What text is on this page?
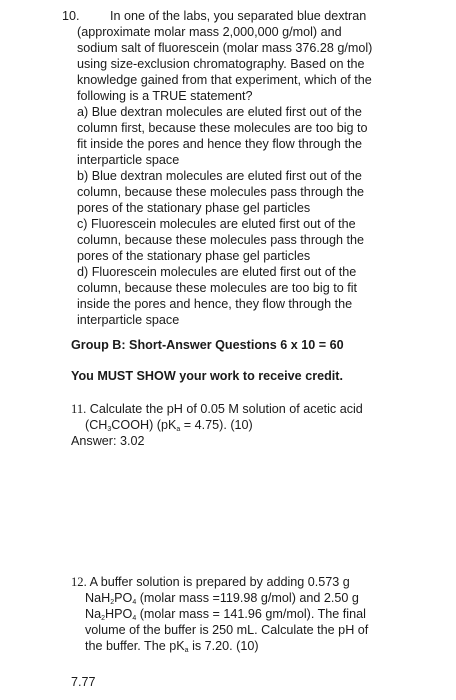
10. In one of the labs, you separated blue dextran
(approximate molar mass 2,000,000 g/mol) and
sodium salt of fluorescein (molar mass 376.28 g/mol)
using size-exclusion chromatography. Based on the
knowledge gained from that experiment, which of the
following is a TRUE statement?
a) Blue dextran molecules are eluted first out of the
column first, because these molecules are too big to
fit inside the pores and hence they flow through the
interparticle space
b) Blue dextran molecules are eluted first out of the
column, because these molecules pass through the
pores of the stationary phase gel particles
c) Fluorescein molecules are eluted first out of the
column, because these molecules pass through the
pores of the stationary phase gel particles
d) Fluorescein molecules are eluted first out of the
column, because these molecules are too big to fit
inside the pores and hence, they flow through the
interparticle space
Group B: Short-Answer Questions 6 x 10 = 60
You MUST SHOW your work to receive credit.
11. Calculate the pH of 0.05 M solution of acetic acid
$(CH_3COOH) (pK_a = 4.75)$. (10)
Answer: 3.02
12. A buffer solution is prepared by adding 0.573 g
$NaH_2PO_4$ (molar mass =119.98 g/mol) and 2.50 g
$Na_2HPO_4$ (molar mass = 141.96 gm/mol). The final
volume of the buffer is 250 mL. Calculate the pH of
the buffer. The $pK_a$ is 7.20. (10)
7.77
